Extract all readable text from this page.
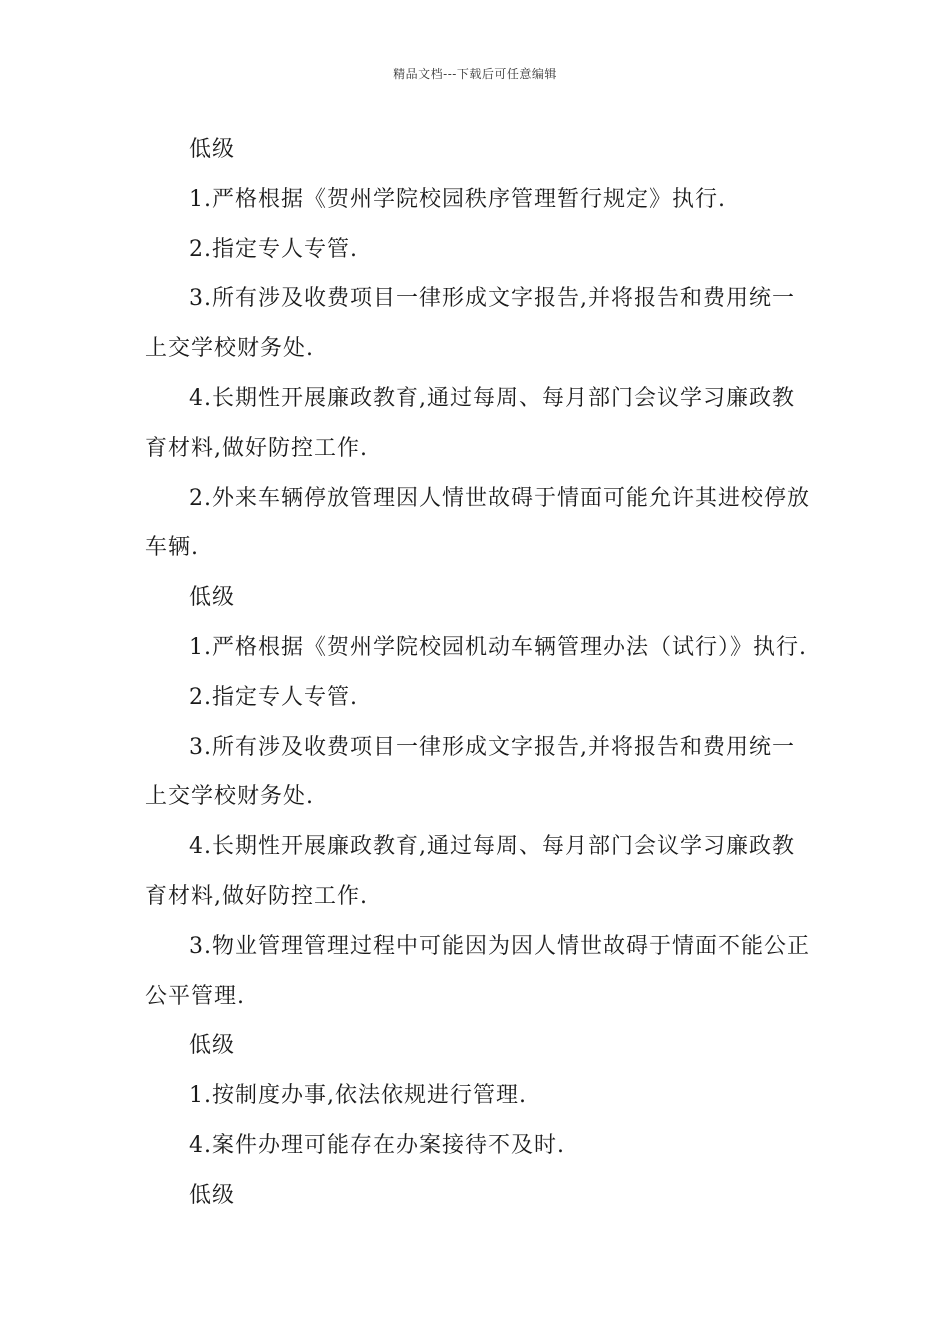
精品文档---下载后可任意编辑

低级

1.严格根据《贺州学院校园秩序管理暂行规定》执行.

2.指定专人专管.

3.所有涉及收费项目一律形成文字报告,并将报告和费用统一上交学校财务处.

4.长期性开展廉政教育,通过每周、每月部门会议学习廉政教育材料,做好防控工作.

2.外来车辆停放管理因人情世故碍于情面可能允许其进校停放车辆.

低级

1.严格根据《贺州学院校园机动车辆管理办法（试行）》执行.

2.指定专人专管.

3.所有涉及收费项目一律形成文字报告,并将报告和费用统一上交学校财务处.

4.长期性开展廉政教育,通过每周、每月部门会议学习廉政教育材料,做好防控工作.

3.物业管理管理过程中可能因为因人情世故碍于情面不能公正公平管理.

低级

1.按制度办事,依法依规进行管理.

4.案件办理可能存在办案接待不及时.

低级
